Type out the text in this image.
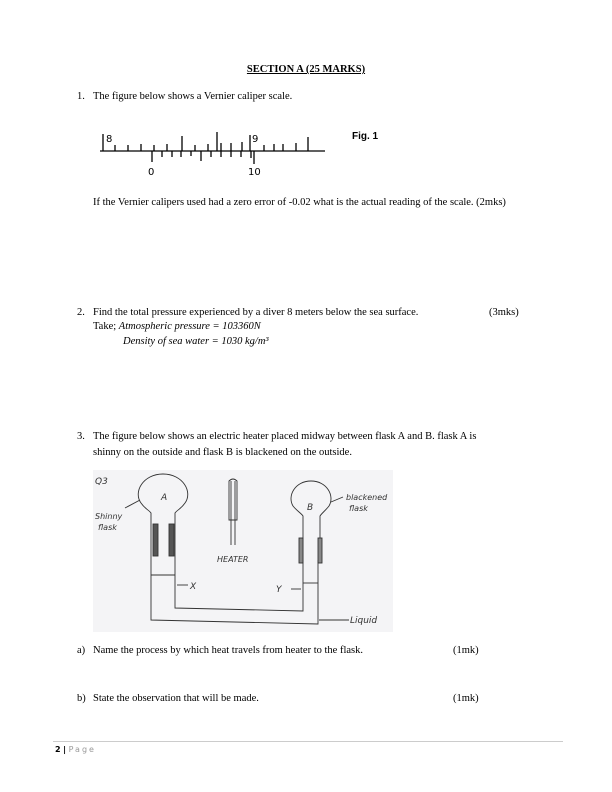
SECTION A (25 MARKS)
1. The figure below shows a Vernier caliper scale.
8	9
0	10
Fig. 1
If the Vernier calipers used had a zero error of -0.02 what is the actual reading of the scale. (2mks)
2. Find the total pressure experienced by a diver 8 meters below the sea surface.	(3mks)
Take; Atmospheric pressure = 103360N
Density of sea water = 1030 kg/m³
3. The figure below shows an electric heater placed midway between flask A and B. flask A is
shinny on the outside and flask B is blackened on the outside.
Q3
A
B
Shinny
flask
blackened
flask
HEATER
X	Y
Liquid
a) Name the process by which heat travels from heater to the flask.	(1mk)
b) State the observation that will be made.	(1mk)
2 | Page
